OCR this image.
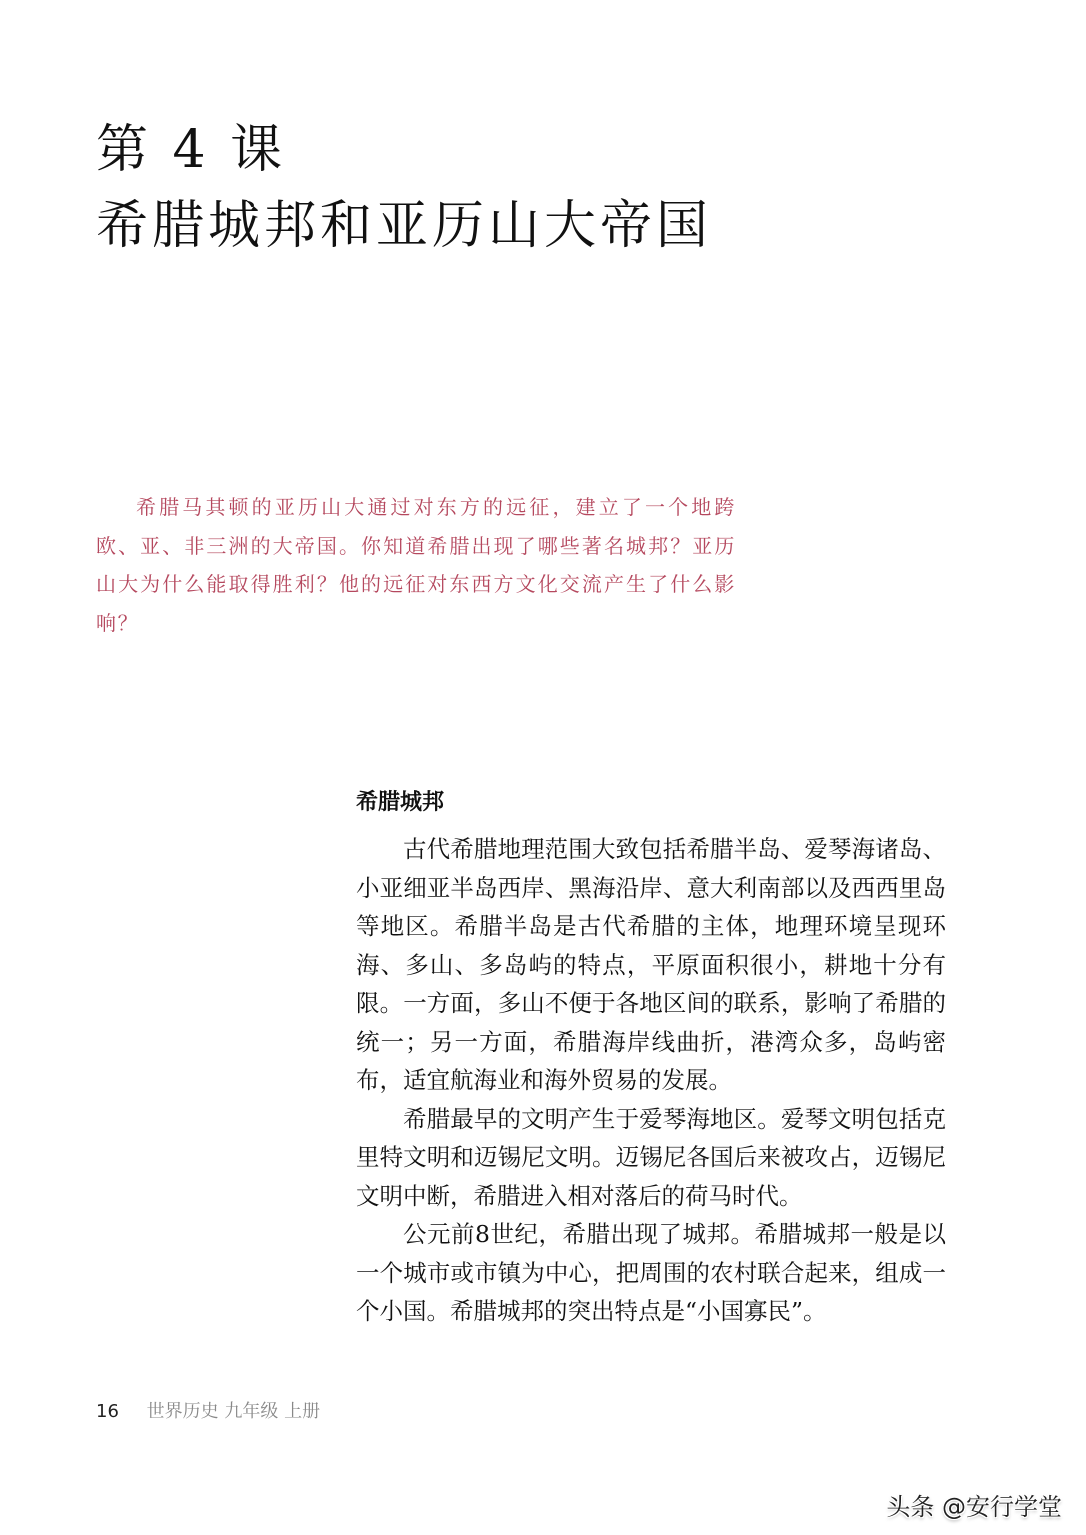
第 4 课
希腊城邦和亚历山大帝国

希腊马其顿的亚历山大通过对东方的远征，建立了一个地跨欧、亚、非三洲的大帝国。你知道希腊出现了哪些著名城邦？亚历山大为什么能取得胜利？他的远征对东西方文化交流产生了什么影响？

希腊城邦

古代希腊地理范围大致包括希腊半岛、爱琴海诸岛、小亚细亚半岛西岸、黑海沿岸、意大利南部以及西西里岛等地区。希腊半岛是古代希腊的主体，地理环境呈现环海、多山、多岛屿的特点，平原面积很小，耕地十分有限。一方面，多山不便于各地区间的联系，影响了希腊的统一；另一方面，希腊海岸线曲折，港湾众多，岛屿密布，适宜航海业和海外贸易的发展。

希腊最早的文明产生于爱琴海地区。爱琴文明包括克里特文明和迈锡尼文明。迈锡尼各国后来被攻占，迈锡尼文明中断，希腊进入相对落后的荷马时代。

公元前8世纪，希腊出现了城邦。希腊城邦一般是以一个城市或市镇为中心，把周围的农村联合起来，组成一个小国。希腊城邦的突出特点是“小国寡民”。

16 世界历史 九年级 上册
头条 @安行学堂
